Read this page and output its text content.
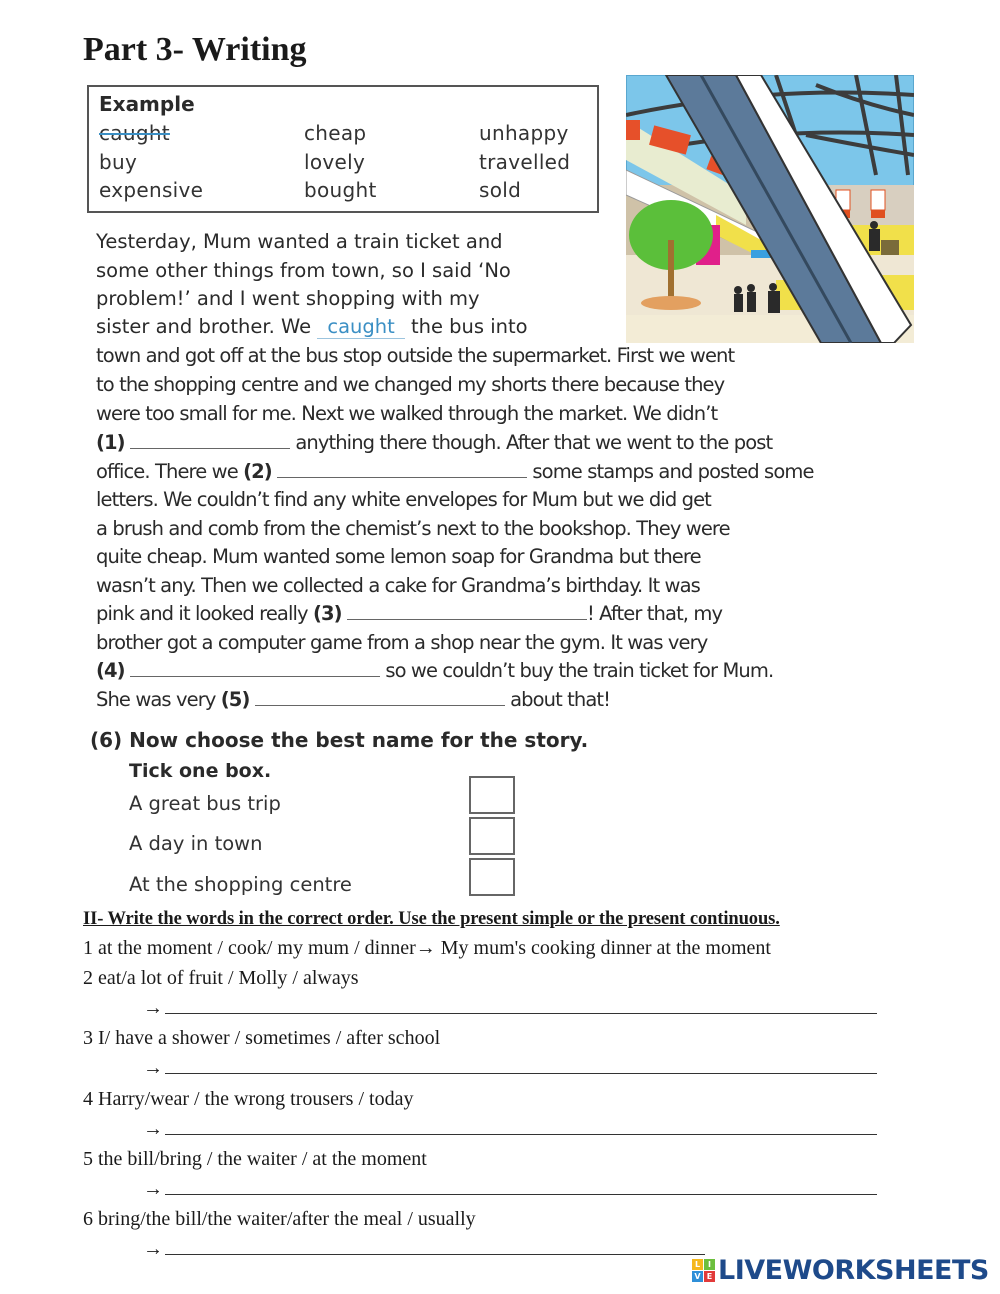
Part 3- Writing
Example
caught	cheap	unhappy
buy	lovely	travelled
expensive	bought	sold
Yesterday, Mum wanted a train ticket and
some other things from town, so I said ‘No
problem!’ and I went shopping with my
sister and brother. We caught the bus into
town and got off at the bus stop outside the supermarket. First we went
to the shopping centre and we changed my shorts there because they
were too small for me. Next we walked through the market. We didn’t
(1)	anything there though. After that we went to the post
office. There we (2)	some stamps and posted some
letters. We couldn’t find any white envelopes for Mum but we did get
a brush and comb from the chemist’s next to the bookshop. They were
quite cheap. Mum wanted some lemon soap for Grandma but there
wasn’t any. Then we collected a cake for Grandma’s birthday. It was
pink and it looked really (3)	! After that, my
brother got a computer game from a shop near the gym. It was very
(4)	so we couldn’t buy the train ticket for Mum.
She was very (5)	about that!
(6) Now choose the best name for the story.
Tick one box.
A great bus trip
A day in town
At the shopping centre
II- Write the words in the correct order. Use the present simple or the present continuous.
1 at the moment / cook/ my mum / dinner→ My mum's cooking dinner at the moment
2 eat/a lot of fruit / Molly / always
→
3 I/ have a shower / sometimes / after school
→
4 Harry/wear / the wrong trousers / today
→
5 the bill/bring / the waiter / at the moment
→
6 bring/the bill/the waiter/after the meal / usually
→
L I
V E LIVEWORKSHEETS
